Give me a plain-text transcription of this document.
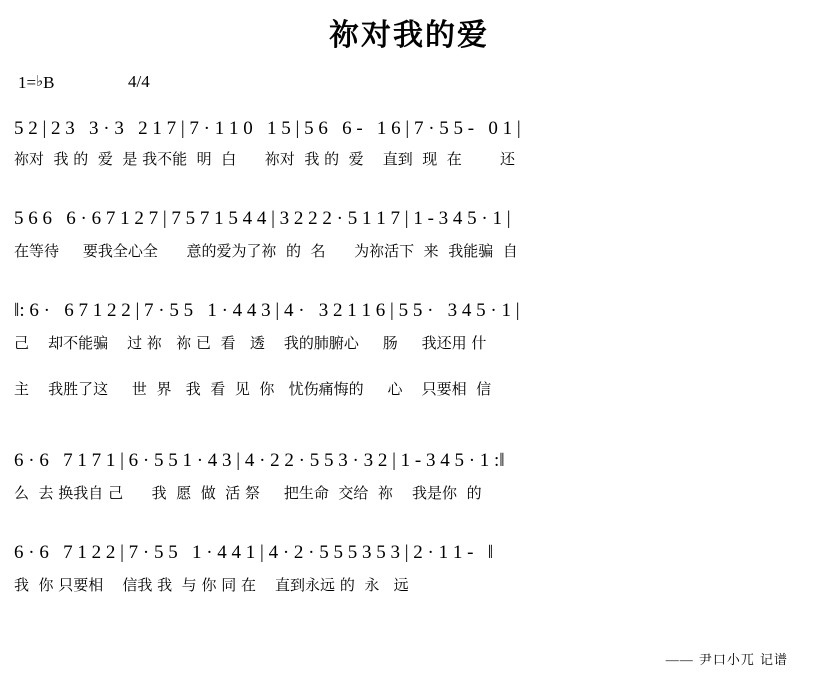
祢对我的爱
1=♭B	4/4
5 2 | 2 3   3 · 3   2 1 7 | 7 · 1 1 0   1 5 | 5 6   6 -   1 6 | 7 · 5 5 -   0 1 |
祢对  我 的  爱  是 我不能  明  白      祢对  我 的  爱    直到  现  在        还
5 6 6   6 · 6 7 1 2 7 | 7 5 7 1 5 4 4 | 3 2 2 2 · 5 1 1 7 | 1 - 3 4 5 · 1 |
在等待     要我全心全      意的爱为了祢  的  名      为祢活下  来  我能骗  自
‖: 6 ·   6 7 1 2 2 | 7 · 5 5   1 · 4 4 3 | 4 ·   3 2 1 1 6 | 5 5 ·   3 4 5 · 1 |
己    却不能骗    过 祢   祢 已  看   透    我的肺腑心     肠     我还用 什
主    我胜了这     世  界   我  看  见  你   忧伤痛悔的     心    只要相  信
6 · 6   7 1 7 1 | 6 · 5 5 1 · 4 3 | 4 · 2 2 · 5 5 3 · 3 2 | 1 - 3 4 5 · 1 :‖
么  去 换我自 己      我  愿  做  活 祭     把生命  交给  祢    我是你  的
6 · 6   7 1 2 2 | 7 · 5 5   1 · 4 4 1 | 4 · 2 · 5 5 5 3 5 3 | 2 · 1 1 -   ‖
我  你 只要相    信我 我  与 你 同 在    直到永远 的  永   远
—— 尹口小兀 记谱
